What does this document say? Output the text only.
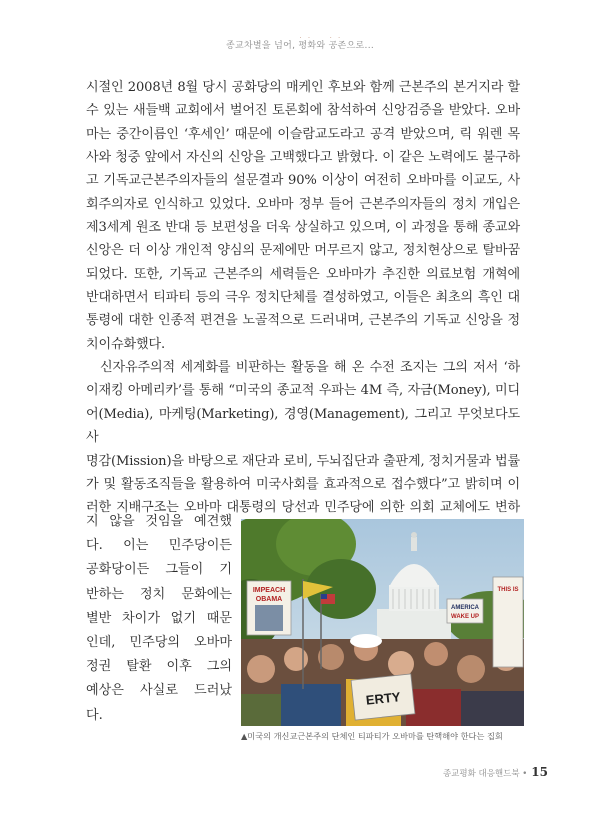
종교차별을 넘어, · · 평화와 · · 공존으로...

시절인 2008년 8월 당시 공화당의 매케인 후보와 함께 근본주의 본거지라 할

수 있는 새들백 교회에서 벌어진 토론회에 참석하여 신앙검증을 받았다. 오바

마는 중간이름인 ‘후세인’ 때문에 이슬람교도라고 공격 받았으며, 릭 워렌 목

사와 청중 앞에서 자신의 신앙을 고백했다고 밝혔다. 이 같은 노력에도 불구하

고 기독교근본주의자들의 설문결과 90% 이상이 여전히 오바마를 이교도, 사

회주의자로 인식하고 있었다. 오바마 정부 들어 근본주의자들의 정치 개입은

제3세계 원조 반대 등 보편성을 더욱 상실하고 있으며, 이 과정을 통해 종교와

신앙은 더 이상 개인적 양심의 문제에만 머무르지 않고, 정치현상으로 탈바꿈

되었다. 또한, 기독교 근본주의 세력들은 오바마가 추진한 의료보험 개혁에

반대하면서 티파티 등의 극우 정치단체를 결성하였고, 이들은 최초의 흑인 대

통령에 대한 인종적 편견을 노골적으로 드러내며, 근본주의 기독교 신앙을 정

치이슈화했다.

신자유주의적 세계화를 비판하는 활동을 해 온 수전 조지는 그의 저서 ‘하

이재킹 아메리카’를 통해 “미국의 종교적 우파는 4M 즉, 자금(Money), 미디

어(Media), 마케팅(Marketing), 경영(Management), 그리고 무엇보다도 사

명감(Mission)을 바탕으로 재단과 로비, 두뇌집단과 출판계, 정치거물과 법률

가 및 활동조직들을 활용하여 미국사회를 효과적으로 접수했다”고 밝히며 이

러한 지배구조는 오바마 대통령의 당선과 민주당에 의한 의회 교체에도 변하

지 않을 것임을 예견했

다. 이는 민주당이든

공화당이든 그들이 기

반하는 정치 문화에는

별반 차이가 없기 때문

인데, 민주당의 오바마

정권 탈환 이후 그의

예상은 사실로 드러났

다.

IMPEACH
OBAMA
AMERICA
WAKE UP
ERTY
THIS IS
▲미국의 개신교근본주의 단체인 티파티가 오바마를 탄핵해야 한다는 집회
종교평화 대응핸드북 • 15
